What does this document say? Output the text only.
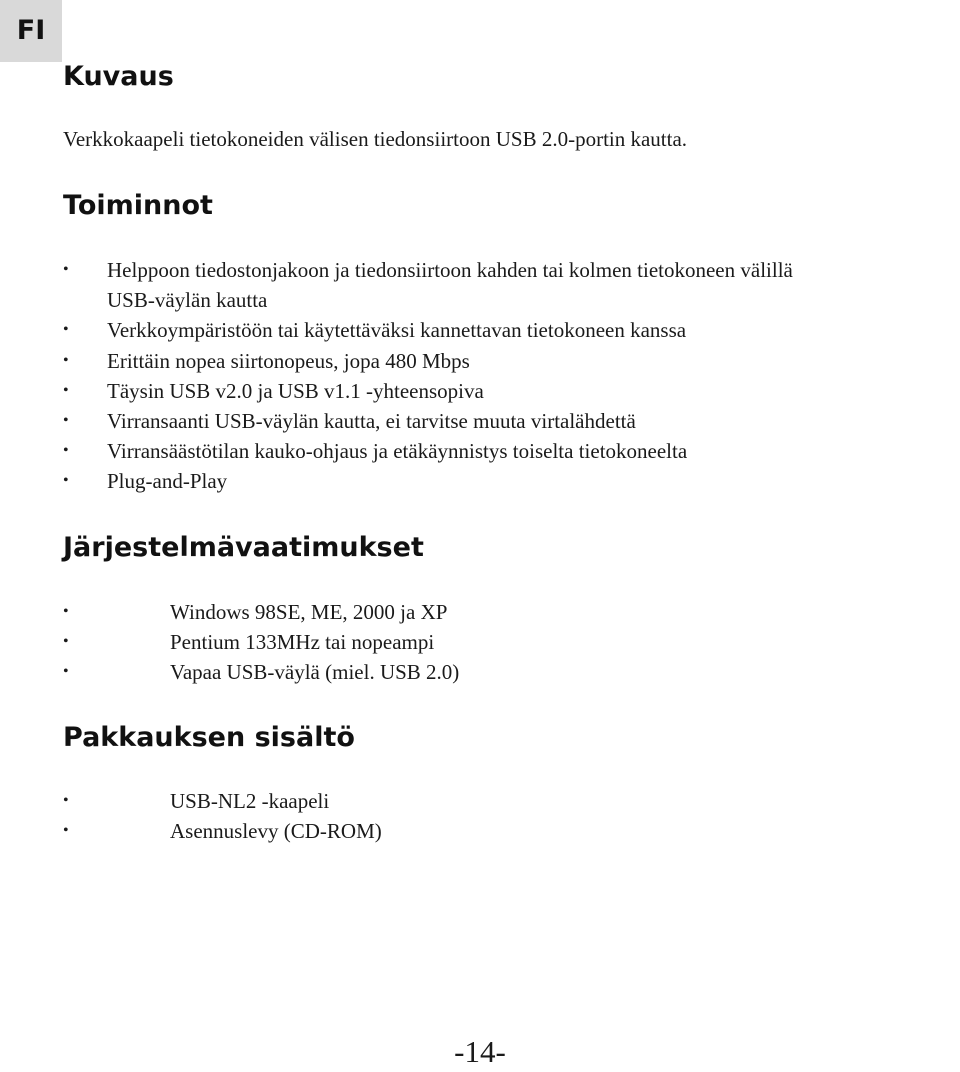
FI
Kuvaus

Verkkokaapeli tietokoneiden välisen tiedonsiirtoon USB 2.0-portin kautta.

Toiminnot
•	Helppoon tiedostonjakoon ja tiedonsiirtoon kahden tai kolmen tietokoneen välillä
USB-väylän kautta
•	Verkkoympäristöön tai käytettäväksi kannettavan tietokoneen kanssa
•	Erittäin nopea siirtonopeus, jopa 480 Mbps
•	Täysin USB v2.0 ja USB v1.1 -yhteensopiva
•	Virransaanti USB-väylän kautta, ei tarvitse muuta virtalähdettä
•	Virransäästötilan kauko-ohjaus ja etäkäynnistys toiselta tietokoneelta
•	Plug-and-Play
Järjestelmävaatimukset
•	Windows 98SE, ME, 2000 ja XP
•	Pentium 133MHz tai nopeampi
•	Vapaa USB-väylä (miel. USB 2.0)
Pakkauksen sisältö
•	USB-NL2 -kaapeli
•	Asennuslevy (CD-ROM)
-14-
